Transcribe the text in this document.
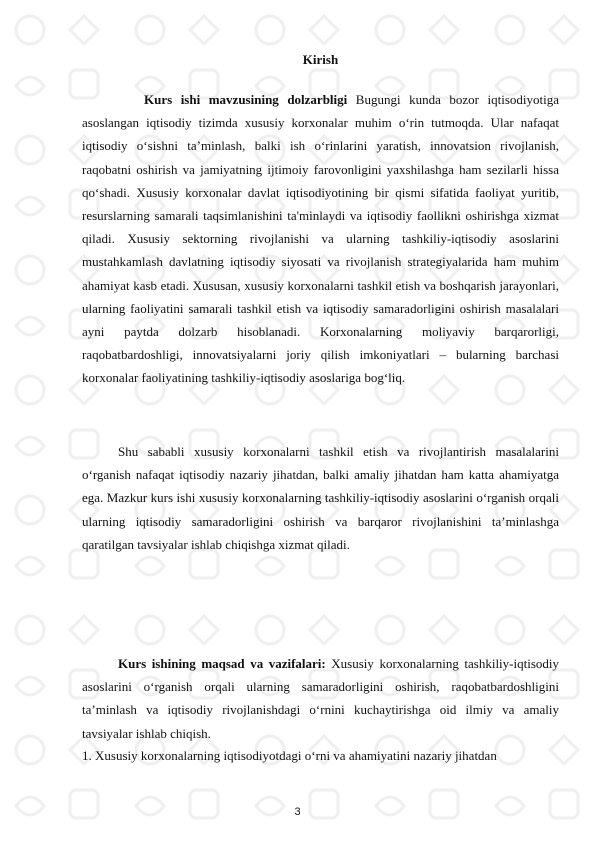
Kirish

Kurs ishi mavzusining dolzarbligi Bugungi kunda bozor iqtisodiyotiga asoslangan iqtisodiy tizimda xususiy korxonalar muhim o‘rin tutmoqda. Ular nafaqat iqtisodiy o‘sishni ta’minlash, balki ish o‘rinlarini yaratish, innovatsion rivojlanish, raqobatni oshirish va jamiyatning ijtimoiy farovonligini yaxshilashga ham sezilarli hissa qo‘shadi. Xususiy korxonalar davlat iqtisodiyotining bir qismi sifatida faoliyat yuritib, resurslarning samarali taqsimlanishini ta'minlaydi va iqtisodiy faollikni oshirishga xizmat qiladi. Xususiy sektorning rivojlanishi va ularning tashkiliy-iqtisodiy asoslarini mustahkamlash davlatning iqtisodiy siyosati va rivojlanish strategiyalarida ham muhim ahamiyat kasb etadi. Xususan, xususiy korxonalarni tashkil etish va boshqarish jarayonlari, ularning faoliyatini samarali tashkil etish va iqtisodiy samaradorligini oshirish masalalari ayni paytda dolzarb hisoblanadi. Korxonalarning moliyaviy barqarorligi, raqobatbardoshligi, innovatsiyalarni joriy qilish imkoniyatlari – bularning barchasi korxonalar faoliyatining tashkiliy-iqtisodiy asoslariga bog‘liq.

Shu sababli xususiy korxonalarni tashkil etish va rivojlantirish masalalarini o‘rganish nafaqat iqtisodiy nazariy jihatdan, balki amaliy jihatdan ham katta ahamiyatga ega. Mazkur kurs ishi xususiy korxonalarning tashkiliy-iqtisodiy asoslarini o‘rganish orqali ularning iqtisodiy samaradorligini oshirish va barqaror rivojlanishini ta’minlashga qaratilgan tavsiyalar ishlab chiqishga xizmat qiladi.

Kurs ishining maqsad va vazifalari: Xususiy korxonalarning tashkiliy-iqtisodiy asoslarini o‘rganish orqali ularning samaradorligini oshirish, raqobatbardoshligini ta’minlash va iqtisodiy rivojlanishdagi o‘rnini kuchaytirishga oid ilmiy va amaliy tavsiyalar ishlab chiqish.

1. Xususiy korxonalarning iqtisodiyotdagi o‘rni va ahamiyatini nazariy jihatdan

3
